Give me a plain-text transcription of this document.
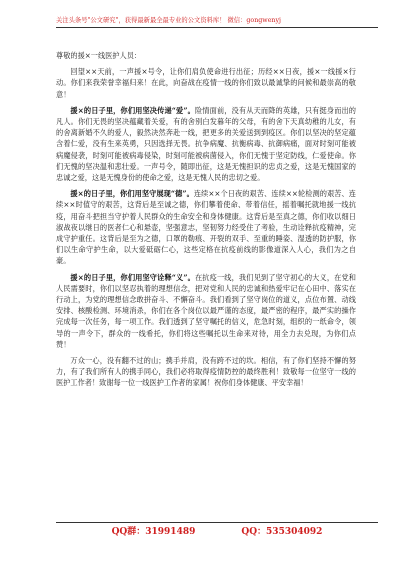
关注头条号"公文研究"，获得最新最全最专业的公文资料库！ 微信：gongwenyj

尊敬的援×一线医护人员：

回望××天前，一声援×号令，让你们肩负使命进行出征；历经××日夜，援×一线援×行动。你们来我荣誉幸福归来！在此，向奋战在疫情一线的你们致以最诚挚的问候和最崇高的敬意！

援×的日子里，你们用坚决传递“爱”。险情面前，没有从天而降的英雄，只有挺身而出的凡人。你们无畏的坚决蕴藏着关爱，有的舍别白发暮年的父母，有的舍下天真幼稚的儿女，有的舍离新婚不久的爱人，毅然决然奔赴一线，把更多的关爱送到到疫区。你们以坚决的坚定蕴含着仁爱，没有生来英勇，只因选择无畏。抗争病魔、抗衡病毒、抗御病痛，面对时刻可能被病魔侵袭，时刻可能被病毒侵染，时刻可能被病菌侵入，你们无愧于坚定防线，仁爱使命。你们无愧的坚决温和悲壮爱。一声号令，随即出征，这是无愧担识的忠贞之爱，这是无愧国家的忠诚之爱，这是无愧身份的使命之爱，这是无愧人民的忠切之爱。

援×的日子里，你们用坚守展现“德”。连续××个日夜的艰苦、连续××轮检测的艰苦、连续××时值守的艰苦，这背后是至诚之德，你们攀着使命、带着信任，摇着嘱托就地援一线抗疫，用奋斗把担当守护着人民群众的生命安全和身体健康。这背后是至真之德，你们收以细日淑战夜以继日的医者仁心和悬壶，坚强意志，坚韧努力经受住了考验，生动诠释抗疫精神，完成守护重任。这背后是至为之德，口罩的勒痕、开裂的双手、至重的睡姿、湿透的防护服，你们以生命守护生命，以大爱砥砺仁心，这些定格在抗疫前线的影像道深入人心，我们为之自豪。

援×的日子里，你们用坚守诠释“义”。在抗疫一线，我们见到了坚守初心的大义，在党和人民需要时，你们以坚忍执着的理想信念，把对党和人民的忠诚和热爱牢记在心田中、落实在行动上，为党的理想信念敢拼奋斗、不懈奋斗。我们看到了坚守岗位的道义，点位布置、动线安排、核酸检测、环境消杀，你们在各个岗位以最严谨的态度，最严密的程序，最严实的操作完成每一次任务，每一项工作。我们透到了坚守嘱托的信义，危急时刻，组织的一纸命令，领导的一声令下，群众的一线希托，你们将这些嘱托以生命来对待，用全力去兑现，为你们点赞！

万众一心，没有翻不过的山；携手并肩，没有跨不过的坎。相信，有了你们坚持不懈的努力，有了我们所有人的携手同心，我们必将取得疫情防控的最终胜利！致敬每一位坚守一线的医护工作者！致谢每一位一线医护工作者的家属！祝你们身体健康、平安幸福！

QQ群：31991489	QQ：535304092
